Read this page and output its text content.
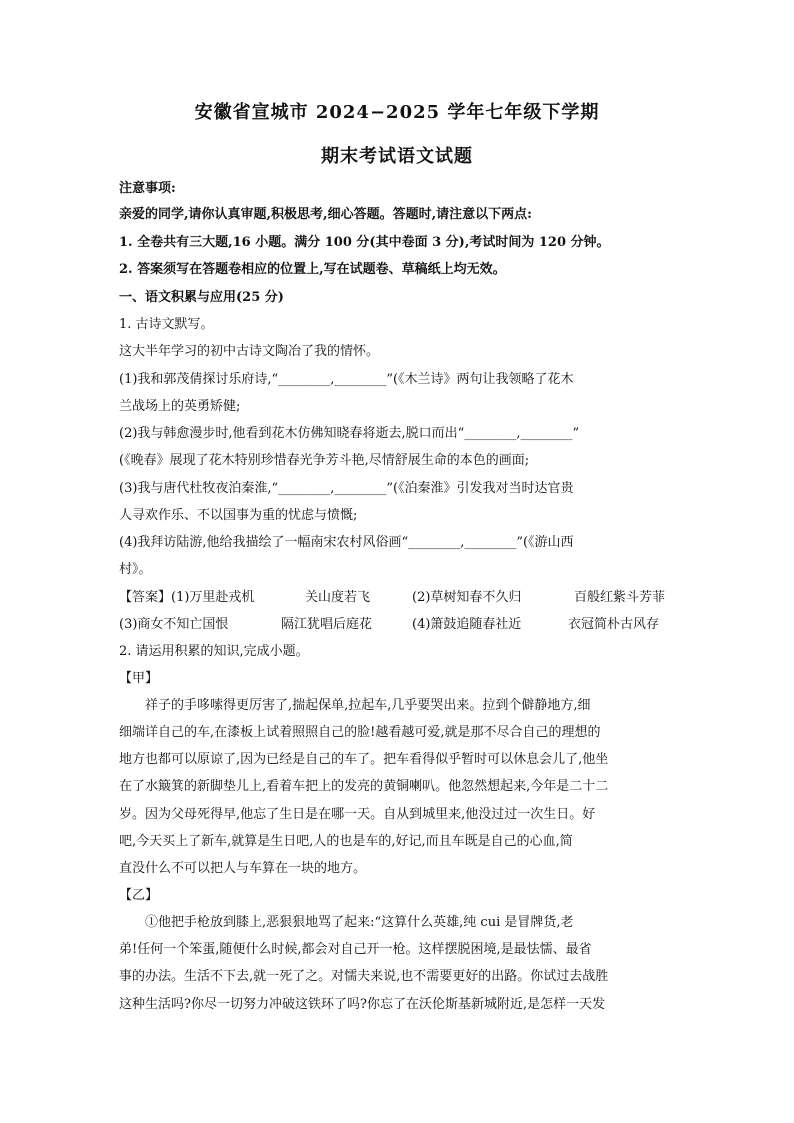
安徽省宣城市 2024−2025 学年七年级下学期
期末考试语文试题
注意事项:
亲爱的同学,请你认真审题,积极思考,细心答题。答题时,请注意以下两点:
1. 全卷共有三大题,16 小题。满分 100 分(其中卷面 3 分),考试时间为 120 分钟。
2. 答案须写在答题卷相应的位置上,写在试题卷、草稿纸上均无效。
一、语文积累与应用(25 分)
1. 古诗文默写。
这大半年学习的初中古诗文陶冶了我的情怀。
(1)我和郭茂倩探讨乐府诗,“________,________”(《木兰诗》两句让我领略了花木
兰战场上的英勇矫健;
(2)我与韩愈漫步时,他看到花木仿佛知晓春将逝去,脱口而出“________,________”
(《晚春》展现了花木特别珍惜春光争芳斗艳,尽情舒展生命的本色的画面;
(3)我与唐代杜牧夜泊秦淮,“________,________”(《泊秦淮》引发我对当时达官贵
人寻欢作乐、不以国事为重的忧虑与愤慨;
(4)我拜访陆游,他给我描绘了一幅南宋农村风俗画“________,________”(《游山西
村》。
【答案】(1)万里赴戎机	关山度若飞	(2)草树知春不久归	百般红紫斗芳菲
(3)商女不知亡国恨	隔江犹唱后庭花	(4)箫鼓追随春社近	衣冠简朴古风存
2. 请运用积累的知识,完成小题。
【甲】
祥子的手哆嗦得更厉害了,揣起保单,拉起车,几乎要哭出来。拉到个僻静地方,细
细端详自己的车,在漆板上试着照照自己的脸!越看越可爱,就是那不尽合自己的理想的
地方也都可以原谅了,因为已经是自己的车了。把车看得似乎暂时可以休息会儿了,他坐
在了水簸箕的新脚垫儿上,看着车把上的发亮的黄铜喇叭。他忽然想起来,今年是二十二
岁。因为父母死得早,他忘了生日是在哪一天。自从到城里来,他没过过一次生日。好
吧,今天买上了新车,就算是生日吧,人的也是车的,好记,而且车既是自己的心血,简
直没什么不可以把人与车算在一块的地方。
【乙】
①他把手枪放到膝上,恶狠狠地骂了起来:“这算什么英雄,纯 cui 是冒牌货,老
弟!任何一个笨蛋,随便什么时候,都会对自己开一枪。这样摆脱困境,是最怯懦、最省
事的办法。生活不下去,就一死了之。对懦夫来说,也不需要更好的出路。你试过去战胜
这种生活吗?你尽一切努力冲破这铁环了吗?你忘了在沃伦斯基新城附近,是怎样一天发
